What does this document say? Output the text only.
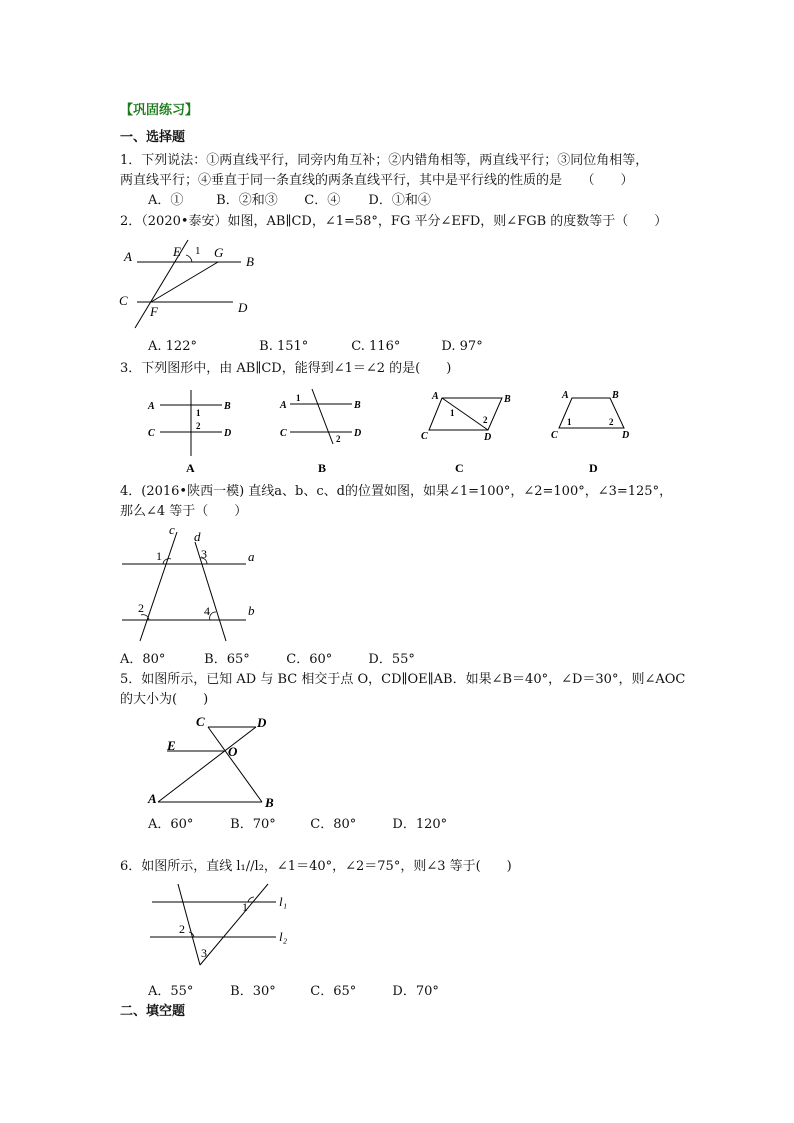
【巩固练习】
一、选择题
1．下列说法：①两直线平行，同旁内角互补；②内错角相等，两直线平行；③同位角相等，
两直线平行；④垂直于同一条直线的两条直线平行，其中是平行线的性质的是　　（　　）
A．①	B．②和③ C．④ D．①和④
2．（2020•泰安）如图，AB∥CD，∠1=58°，FG 平分∠EFD，则∠FGB 的度数等于（　　）
A	B
C	D
E
F
G
1
A. 122°	B. 151°	C. 116°	D. 97°
3．下列图形中，由 AB∥CD，能得到∠1＝∠2 的是(　　)
A	B
C	D
1
2
A	B
C	D
1
2
A	B
C	D
1
2
A	B
C	D
1	2
A	B	C	D
4．(2016•陕西一模) 直线a、b、c、d的位置如图，如果∠1=100°，∠2=100°，∠3=125°，
那么∠4 等于（　　）
c d
a
b
1	3
2	4
A．80°	B．65°	C．60°	D．55°
5．如图所示，已知 AD 与 BC 相交于点 O，CD∥OE∥AB．如果∠B＝40°，∠D＝30°，则∠AOC
的大小为(　　)
C	D
E	O
A	B
A．60°	B．70°	C．80°	D．120°
6．如图所示，直线 l₁//l₂，∠1＝40°，∠2＝75°，则∠3 等于(　　)
l₁
l₂
1
2
3
A．55°	B．30°	C．65°	D．70°
二、填空题
